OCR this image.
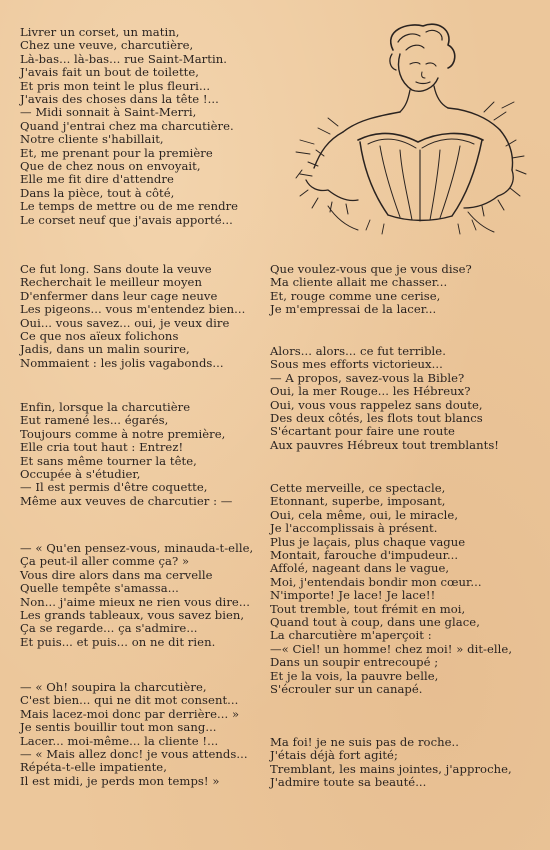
Livrer un corset, un matin,
Chez une veuve, charcutière,
Là-bas... là-bas... rue Saint-Martin.
J'avais fait un bout de toilette,
Et pris mon teint le plus fleuri...
J'avais des choses dans la tête !...
— Midi sonnait à Saint-Merri,
Quand j'entrai chez ma charcutière.
Notre cliente s'habillait,
Et, me prenant pour la première
Que de chez nous on envoyait,
Elle me fit dire d'attendre
Dans la pièce, tout à côté,
Le temps de mettre ou de me rendre
Le corset neuf que j'avais apporté...
Ce fut long. Sans doute la veuve
Recherchait le meilleur moyen
D'enfermer dans leur cage neuve
Les pigeons... vous m'entendez bien...
Oui... vous savez... oui, je veux dire
Ce que nos aïeux folichons
Jadis, dans un malin sourire,
Nommaient : les jolis vagabonds...
Enfin, lorsque la charcutière
Eut ramené les... égarés,
Toujours comme à notre première,
Elle cria tout haut : Entrez!
Et sans même tourner la tête,
Occupée à s'étudier,
— Il est permis d'être coquette,
Même aux veuves de charcutier : —
— « Qu'en pensez-vous, minauda-t-elle,
Ça peut-il aller comme ça? »
Vous dire alors dans ma cervelle
Quelle tempête s'amassa...
Non... j'aime mieux ne rien vous dire...
Les grands tableaux, vous savez bien,
Ça se regarde... ça s'admire...
Et puis... et puis... on ne dit rien.
— « Oh! soupira la charcutière,
C'est bien... qui ne dit mot consent...
Mais lacez-moi donc par derrière... »
Je sentis bouillir tout mon sang...
Lacer... moi-même... la cliente !...
— « Mais allez donc! je vous attends...
Répéta-t-elle impatiente,
Il est midi, je perds mon temps! »
Que voulez-vous que je vous dise?
Ma cliente allait me chasser...
Et, rouge comme une cerise,
Je m'empressai de la lacer...
Alors... alors... ce fut terrible.
Sous mes efforts victorieux...
— A propos, savez-vous la Bible?
Oui, la mer Rouge... les Hébreux?
Oui, vous vous rappelez sans doute,
Des deux côtés, les flots tout blancs
S'écartant pour faire une route
Aux pauvres Hébreux tout tremblants!
Cette merveille, ce spectacle,
Etonnant, superbe, imposant,
Oui, cela même, oui, le miracle,
Je l'accomplissais à présent.
Plus je laçais, plus chaque vague
Montait, farouche d'impudeur...
Affolé, nageant dans le vague,
Moi, j'entendais bondir mon cœur...
N'importe! Je lace! Je lace!!
Tout tremble, tout frémit en moi,
Quand tout à coup, dans une glace,
La charcutière m'aperçoit :
—« Ciel! un homme! chez moi! » dit-elle,
Dans un soupir entrecoupé ;
Et je la vois, la pauvre belle,
S'écrouler sur un canapé.
Ma foi! je ne suis pas de roche..
J'étais déjà fort agité;
Tremblant, les mains jointes, j'approche,
J'admire toute sa beauté...
